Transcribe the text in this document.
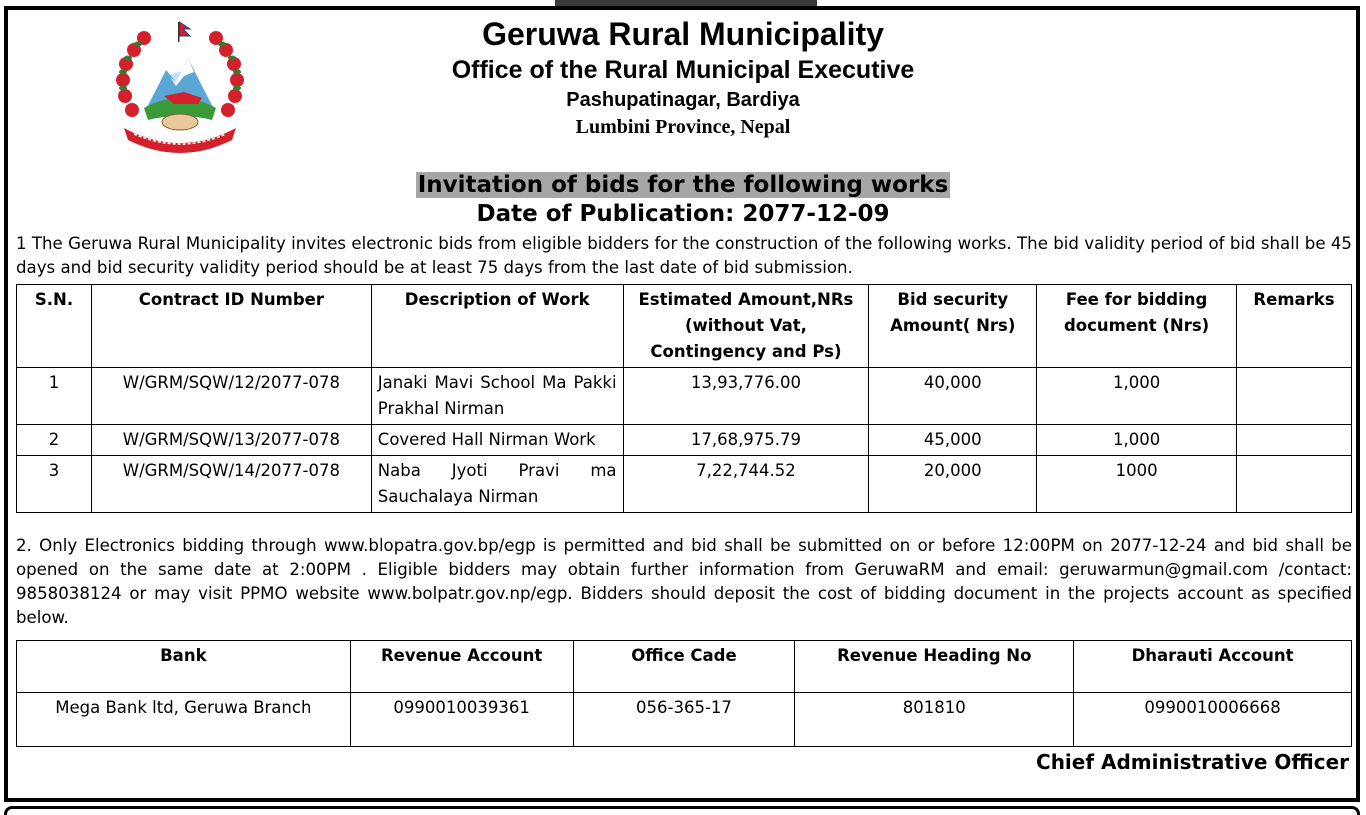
Geruwa Rural Municipality
Office of the Rural Municipal Executive
Pashupatinagar, Bardiya
Lumbini Province, Nepal
Invitation of bids for the following works
Date of Publication: 2077-12-09
1 The Geruwa Rural Municipality invites electronic bids from eligible bidders for the construction of the following works. The bid validity period of bid shall be 45 days and bid security validity period should be at least 75 days from the last date of bid submission.
S.N.	Contract ID Number	Description of Work	Estimated Amount,NRs (without Vat, Contingency and Ps)	Bid security Amount( Nrs)	Fee for bidding document (Nrs)	Remarks
1	W/GRM/SQW/12/2077-078	Janaki Mavi School Ma Pakki Prakhal Nirman	13,93,776.00	40,000	1,000	
2	W/GRM/SQW/13/2077-078	Covered Hall Nirman Work	17,68,975.79	45,000	1,000	
3	W/GRM/SQW/14/2077-078	Naba Jyoti Pravi ma Sauchalaya Nirman	7,22,744.52	20,000	1000	
2. Only Electronics bidding through www.blopatra.gov.bp/egp is permitted and bid shall be submitted on or before 12:00PM on 2077-12-24 and bid shall be opened on the same date at 2:00PM . Eligible bidders may obtain further information from GeruwaRM and email: geruwarmun@gmail.com /contact: 9858038124 or may visit PPMO website www.bolpatr.gov.np/egp. Bidders should deposit the cost of bidding document in the projects account as specified below.
Bank	Revenue Account	Office Cade	Revenue Heading No	Dharauti Account
Mega Bank ltd, Geruwa Branch	0990010039361	056-365-17	801810	0990010006668
Chief Administrative Officer
